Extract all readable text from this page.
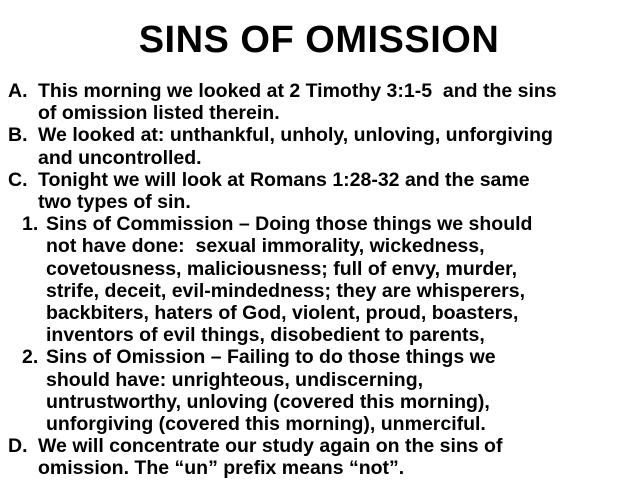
SINS OF OMISSION
A. This morning we looked at 2 Timothy 3:1-5  and the sins
of omission listed therein.
B. We looked at: unthankful, unholy, unloving, unforgiving
and uncontrolled.
C. Tonight we will look at Romans 1:28-32 and the same
two types of sin.
1. Sins of Commission – Doing those things we should
not have done:  sexual immorality, wickedness,
covetousness, maliciousness; full of envy, murder,
strife, deceit, evil-mindedness; they are whisperers,
backbiters, haters of God, violent, proud, boasters,
inventors of evil things, disobedient to parents,
2. Sins of Omission – Failing to do those things we
should have: unrighteous, undiscerning,
untrustworthy, unloving (covered this morning),
unforgiving (covered this morning), unmerciful.
D. We will concentrate our study again on the sins of
omission. The “un” prefix means “not”.
